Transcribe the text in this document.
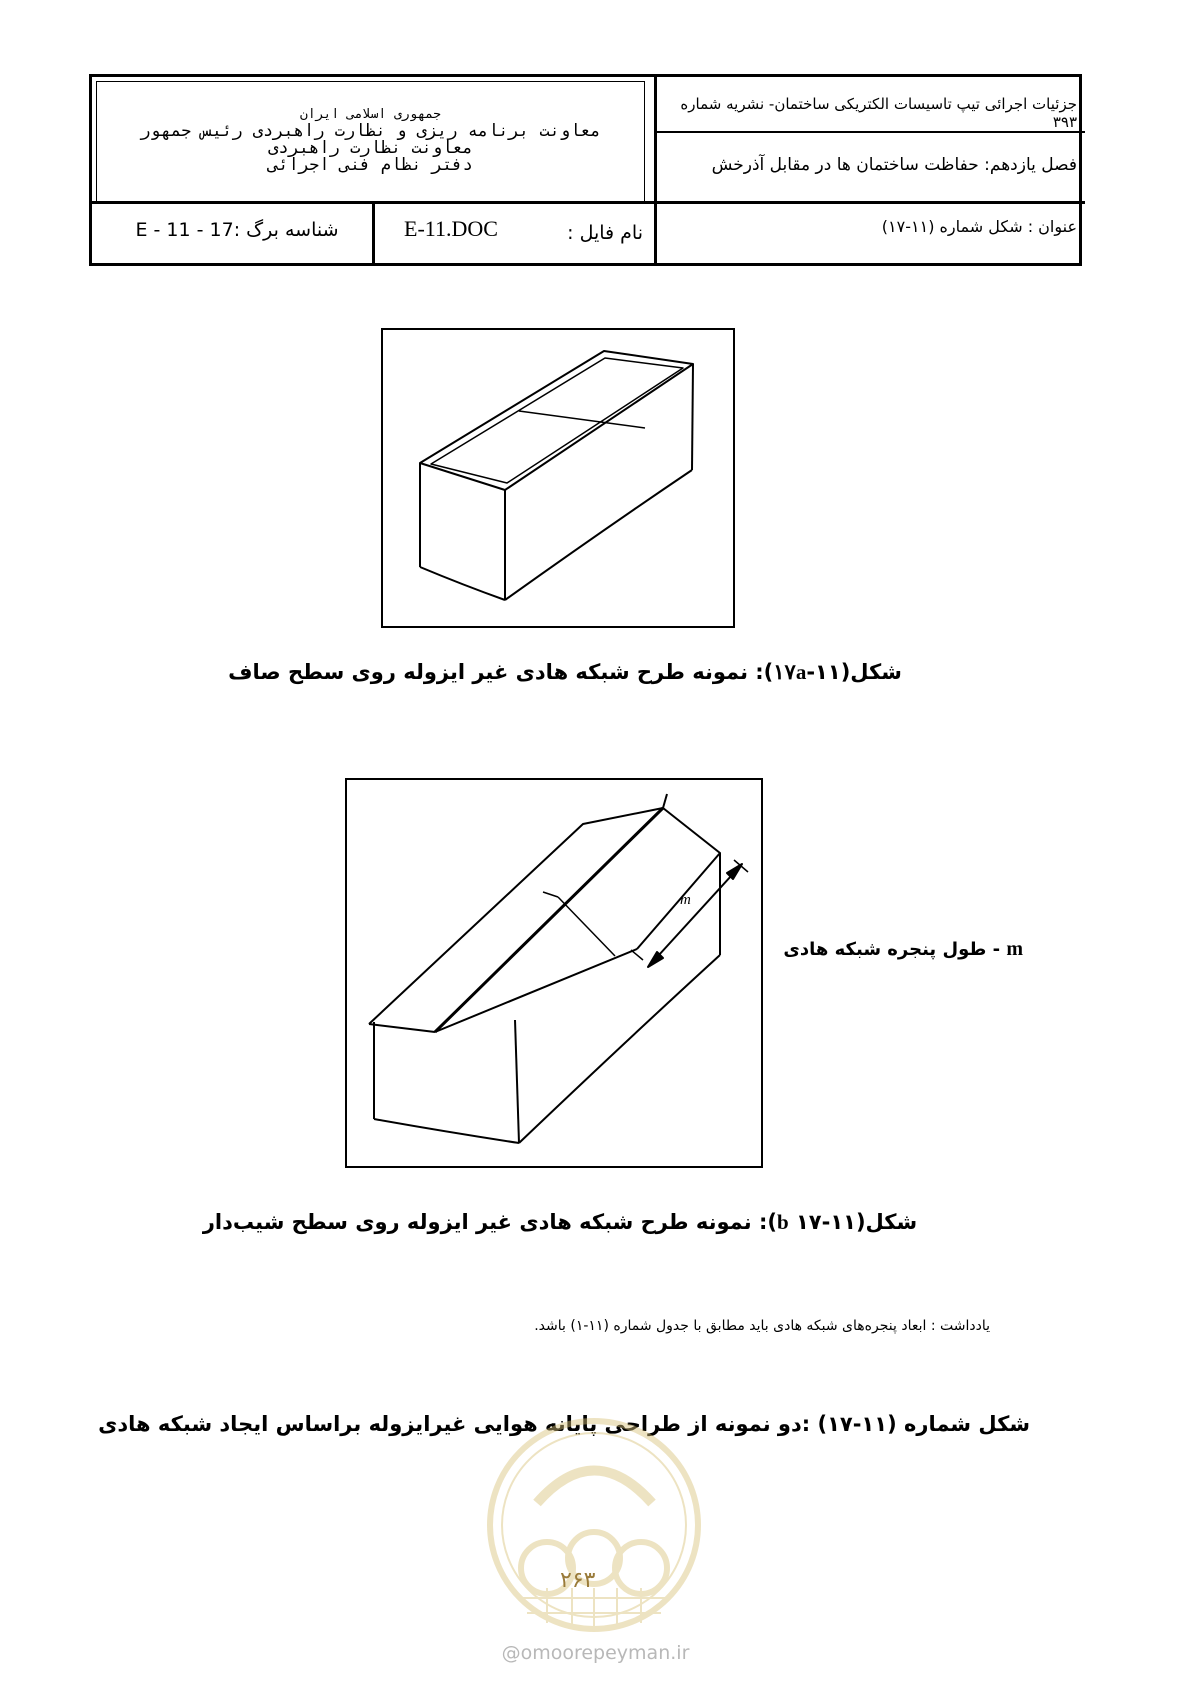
جزئیات اجرائی تیپ تاسیسات الکتریکی ساختمان- نشریه شماره ۳۹۳
فصل یازدهم: حفاظت ساختمان ها در مقابل آذرخش
عنوان : شکل شماره (۱۱-۱۷)
جمهوری اسلامی ایران
معاونت برنامه ریزی و نظارت راهبردی رئیس جمهور
معاونت نظارت راهبردی
دفتر نظام فنی اجرائی
نام فایل :
E-11.DOC
شناسه برگ :17 - 11 - E
شکل(۱۱-۱۷a): نمونه طرح شبکه هادی غیر ایزوله روی سطح صاف
m
m - طول پنجره شبکه هادی
شکل(۱۱-b ۱۷): نمونه طرح شبکه هادی غیر ایزوله روی سطح شیب‌دار
یادداشت : ابعاد پنجره‌های شبکه هادی باید مطابق با جدول شماره (۱۱-۱) باشد.
شکل شماره (۱۱-۱۷) :دو نمونه از طراحی پایانه هوایی غیرایزوله براساس ایجاد شبکه هادی
۲۶۳
@omoorepeyman.ir
